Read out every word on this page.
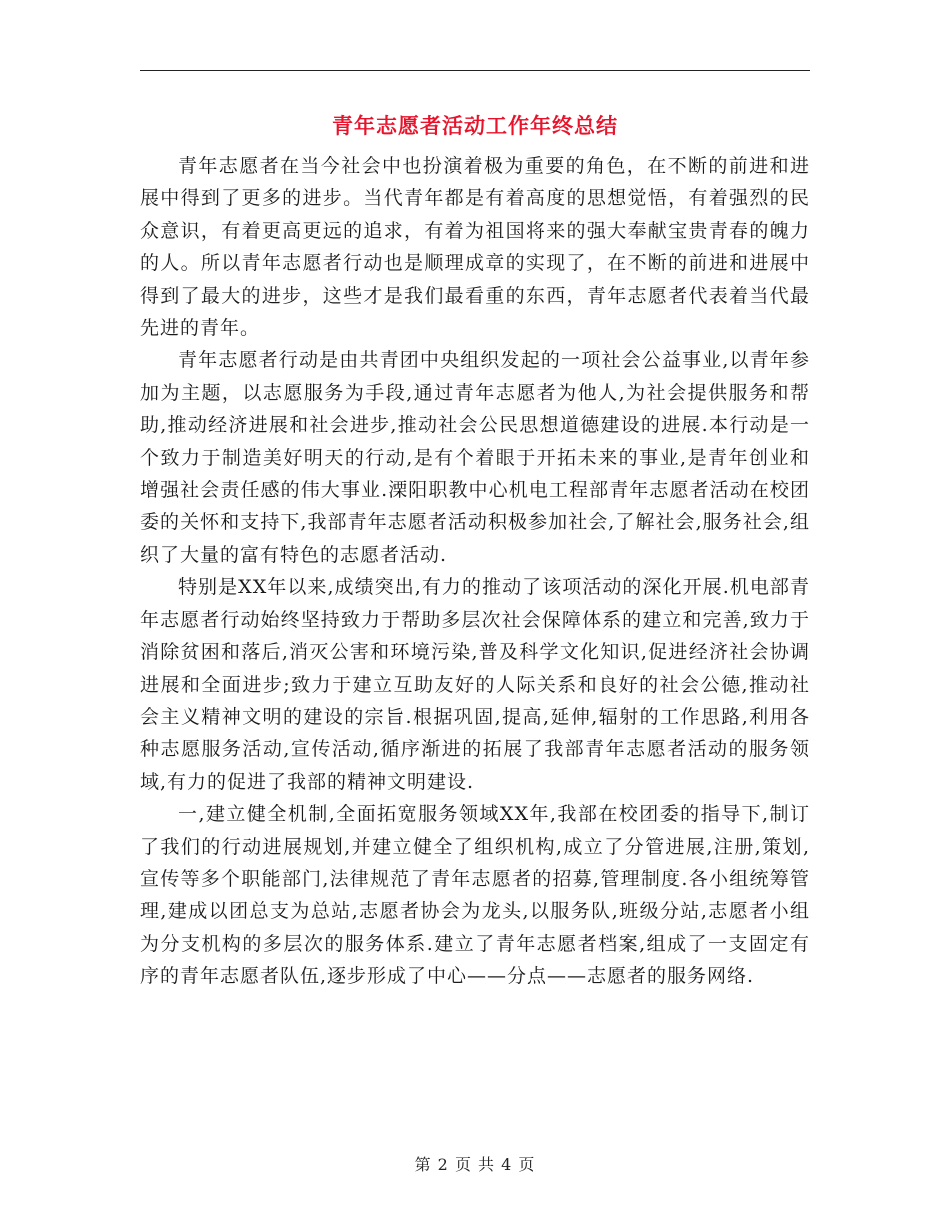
青年志愿者活动工作年终总结

青年志愿者在当今社会中也扮演着极为重要的角色，在不断的前进和进展中得到了更多的进步。当代青年都是有着高度的思想觉悟，有着强烈的民众意识，有着更高更远的追求，有着为祖国将来的强大奉献宝贵青春的魄力的人。所以青年志愿者行动也是顺理成章的实现了，在不断的前进和进展中得到了最大的进步，这些才是我们最看重的东西，青年志愿者代表着当代最先进的青年。

青年志愿者行动是由共青团中央组织发起的一项社会公益事业,以青年参加为主题，以志愿服务为手段,通过青年志愿者为他人,为社会提供服务和帮助,推动经济进展和社会进步,推动社会公民思想道德建设的进展.本行动是一个致力于制造美好明天的行动,是有个着眼于开拓未来的事业,是青年创业和增强社会责任感的伟大事业.溧阳职教中心机电工程部青年志愿者活动在校团委的关怀和支持下,我部青年志愿者活动积极参加社会,了解社会,服务社会,组织了大量的富有特色的志愿者活动.

特别是XX年以来,成绩突出,有力的推动了该项活动的深化开展.机电部青年志愿者行动始终坚持致力于帮助多层次社会保障体系的建立和完善,致力于消除贫困和落后,消灭公害和环境污染,普及科学文化知识,促进经济社会协调进展和全面进步;致力于建立互助友好的人际关系和良好的社会公德,推动社会主义精神文明的建设的宗旨.根据巩固,提高,延伸,辐射的工作思路,利用各种志愿服务活动,宣传活动,循序渐进的拓展了我部青年志愿者活动的服务领域,有力的促进了我部的精神文明建设.

一,建立健全机制,全面拓宽服务领域XX年,我部在校团委的指导下,制订了我们的行动进展规划,并建立健全了组织机构,成立了分管进展,注册,策划,宣传等多个职能部门,法律规范了青年志愿者的招募,管理制度.各小组统筹管理,建成以团总支为总站,志愿者协会为龙头,以服务队,班级分站,志愿者小组为分支机构的多层次的服务体系.建立了青年志愿者档案,组成了一支固定有序的青年志愿者队伍,逐步形成了中心——分点——志愿者的服务网络.

第 2 页 共 4 页
